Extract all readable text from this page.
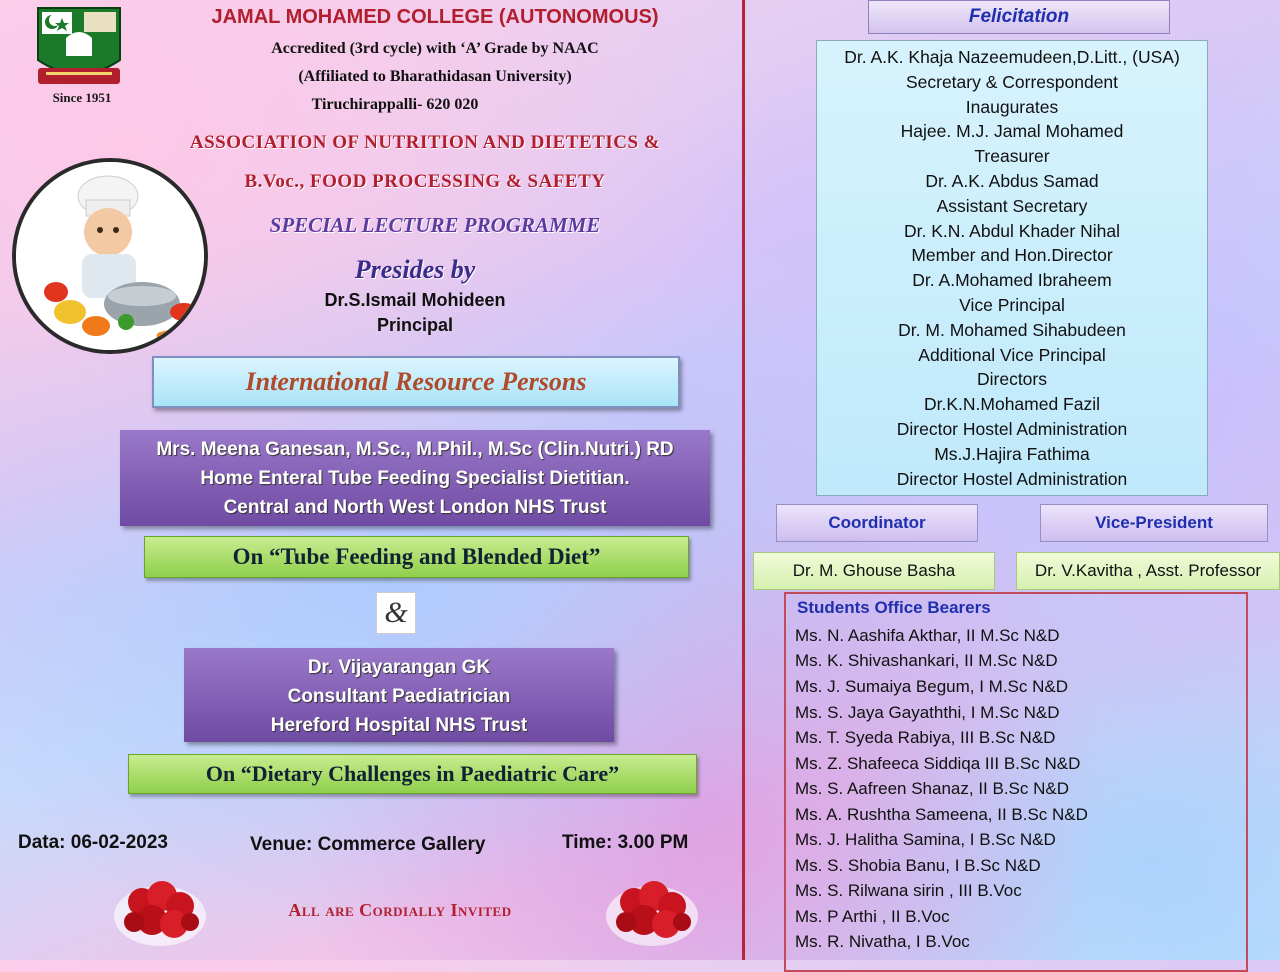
Since 1951
JAMAL MOHAMED COLLEGE (AUTONOMOUS)
Accredited (3rd cycle) with ‘A’ Grade by NAAC
(Affiliated to Bharathidasan University)
Tiruchirappalli- 620 020
ASSOCIATION OF NUTRITION AND DIETETICS &
B.Voc., FOOD PROCESSING & SAFETY
SPECIAL LECTURE PROGRAMME
Presides by
Dr.S.Ismail Mohideen
Principal
International Resource Persons
Mrs. Meena Ganesan, M.Sc., M.Phil., M.Sc (Clin.Nutri.) RD
Home Enteral Tube Feeding Specialist Dietitian.
Central and North West London NHS Trust
On “Tube Feeding and Blended Diet”
&
Dr. Vijayarangan GK
Consultant Paediatrician
Hereford Hospital NHS Trust
On “Dietary Challenges in Paediatric Care”
Data: 06-02-2023	Venue: Commerce Gallery	Time: 3.00 PM
All are Cordially Invited
Felicitation
Dr. A.K. Khaja Nazeemudeen,D.Litt., (USA)
Secretary & Correspondent
Inaugurates
Hajee. M.J. Jamal Mohamed
Treasurer
Dr. A.K. Abdus Samad
Assistant Secretary
Dr. K.N. Abdul Khader Nihal
Member and Hon.Director
Dr. A.Mohamed Ibraheem
Vice Principal
Dr. M. Mohamed Sihabudeen
Additional Vice Principal
Directors
Dr.K.N.Mohamed Fazil
Director Hostel Administration
Ms.J.Hajira Fathima
Director Hostel Administration
Coordinator	Vice-President
Dr. M. Ghouse Basha	Dr. V.Kavitha , Asst. Professor
Students Office Bearers
Ms. N. Aashifa Akthar, II M.Sc N&D
Ms. K. Shivashankari, II M.Sc N&D
Ms. J. Sumaiya Begum, I M.Sc N&D
Ms. S. Jaya Gayaththi, I M.Sc N&D
Ms. T. Syeda Rabiya, III B.Sc N&D
Ms. Z. Shafeeca Siddiqa III B.Sc N&D
Ms. S. Aafreen Shanaz, II B.Sc N&D
Ms. A. Rushtha Sameena, II B.Sc N&D
Ms. J. Halitha Samina, I B.Sc N&D
Ms. S. Shobia Banu, I B.Sc N&D
Ms. S. Rilwana sirin , III B.Voc
Ms. P Arthi , II B.Voc
Ms. R. Nivatha, I B.Voc
